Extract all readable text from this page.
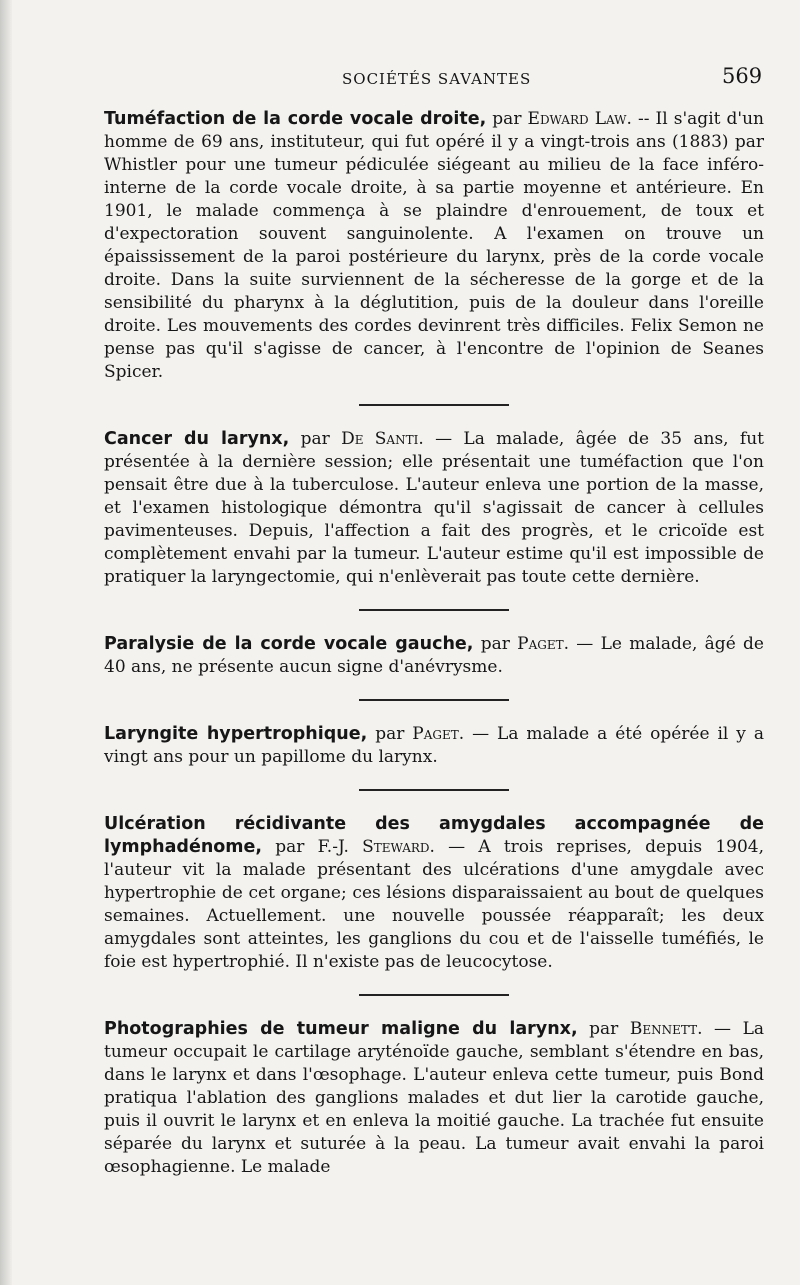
SOCIÉTÉS SAVANTES	569

Tuméfaction de la corde vocale droite, par Edward Law. -- Il s'agit d'un homme de 69 ans, instituteur, qui fut opéré il y a vingt-trois ans (1883) par Whistler pour une tumeur pédiculée siégeant au milieu de la face inféro-interne de la corde vocale droite, à sa partie moyenne et antérieure. En 1901, le malade commença à se plaindre d'enrouement, de toux et d'expectoration souvent sanguinolente. A l'examen on trouve un épaississement de la paroi postérieure du larynx, près de la corde vocale droite. Dans la suite surviennent de la sécheresse de la gorge et de la sensibilité du pharynx à la déglutition, puis de la douleur dans l'oreille droite. Les mouvements des cordes devinrent très difficiles. Felix Semon ne pense pas qu'il s'agisse de cancer, à l'encontre de l'opinion de Seanes Spicer.

Cancer du larynx, par De Santi. — La malade, âgée de 35 ans, fut présentée à la dernière session; elle présentait une tuméfaction que l'on pensait être due à la tuberculose. L'auteur enleva une portion de la masse, et l'examen histologique démontra qu'il s'agissait de cancer à cellules pavimenteuses. Depuis, l'affection a fait des progrès, et le cricoïde est complètement envahi par la tumeur. L'auteur estime qu'il est impossible de pratiquer la laryngectomie, qui n'enlèverait pas toute cette dernière.

Paralysie de la corde vocale gauche, par Paget. — Le malade, âgé de 40 ans, ne présente aucun signe d'anévrysme.

Laryngite hypertrophique, par Paget. — La malade a été opérée il y a vingt ans pour un papillome du larynx.

Ulcération récidivante des amygdales accompagnée de lymphadénome, par F.-J. Steward. — A trois reprises, depuis 1904, l'auteur vit la malade présentant des ulcérations d'une amygdale avec hypertrophie de cet organe; ces lésions disparaissaient au bout de quelques semaines. Actuellement. une nouvelle poussée réapparaît; les deux amygdales sont atteintes, les ganglions du cou et de l'aisselle tuméfiés, le foie est hypertrophié. Il n'existe pas de leucocytose.

Photographies de tumeur maligne du larynx, par Bennett. — La tumeur occupait le cartilage aryténoïde gauche, semblant s'étendre en bas, dans le larynx et dans l'œsophage. L'auteur enleva cette tumeur, puis Bond pratiqua l'ablation des ganglions malades et dut lier la carotide gauche, puis il ouvrit le larynx et en enleva la moitié gauche. La trachée fut ensuite séparée du larynx et suturée à la peau. La tumeur avait envahi la paroi œsophagienne. Le malade
